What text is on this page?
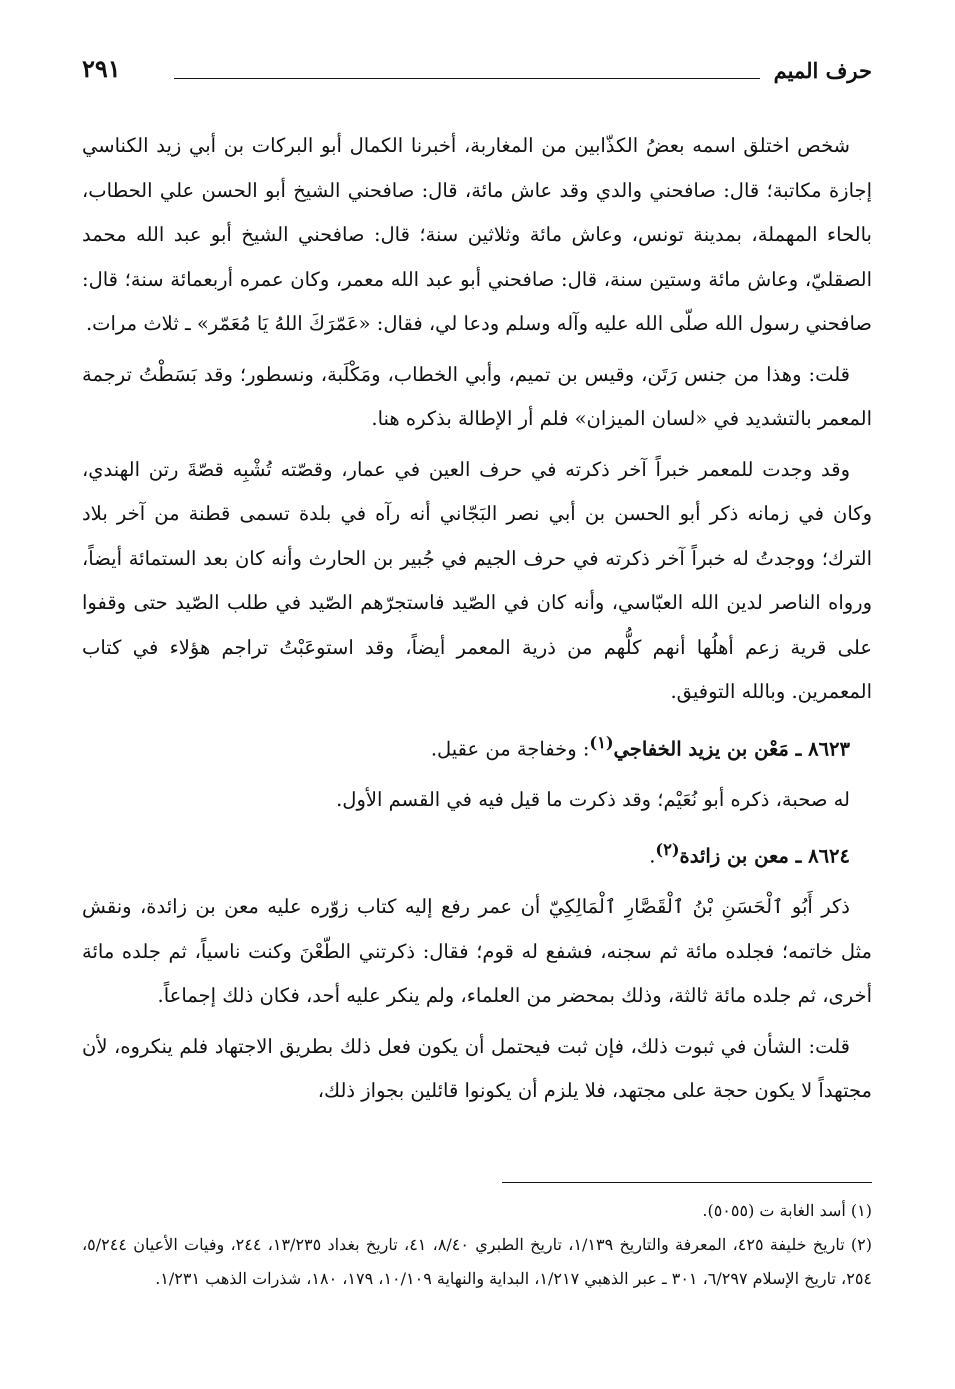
حرف الميم
٢٩١

شخص اختلق اسمه بعضُ الكذّابين من المغاربة، أخبرنا الكمال أبو البركات بن أبي زيد الكناسي إجازة مكاتبة؛ قال: صافحني والدي وقد عاش مائة، قال: صافحني الشيخ أبو الحسن علي الحطاب، بالحاء المهملة، بمدينة تونس، وعاش مائة وثلاثين سنة؛ قال: صافحني الشيخ أبو عبد الله محمد الصقليّ، وعاش مائة وستين سنة، قال: صافحني أبو عبد الله معمر، وكان عمره أربعمائة سنة؛ قال: صافحني رسول الله صلّى الله عليه وآله وسلم ودعا لي، فقال: «عَمّرَكَ اللهُ يَا مُعَمّر» ـ ثلاث مرات.

قلت: وهذا من جنس رَتَن، وقيس بن تميم، وأبي الخطاب، ومَكْلَبة، ونسطور؛ وقد بَسَطْتُ ترجمة المعمر بالتشديد في «لسان الميزان» فلم أر الإطالة بذكره هنا.

وقد وجدت للمعمر خبراً آخر ذكرته في حرف العين في عمار، وقصّته تُشْبِه قصّةَ رتن الهندي، وكان في زمانه ذكر أبو الحسن بن أبي نصر البَجّاني أنه رآه في بلدة تسمى قطنة من آخر بلاد الترك؛ ووجدتُ له خبراً آخر ذكرته في حرف الجيم في جُبير بن الحارث وأنه كان بعد الستمائة أيضاً، ورواه الناصر لدين الله العبّاسي، وأنه كان في الصّيد فاستجرّهم الصّيد في طلب الصّيد حتى وقفوا على قرية زعم أهلُها أنهم كلُّهم من ذرية المعمر أيضاً، وقد استوعَبْتُ تراجم هؤلاء في كتاب المعمرين. وبالله التوفيق.

٨٦٢٣ ـ مَعْن بن يزيد الخفاجي$^{(١)}$: وخفاجة من عقيل.

له صحبة، ذكره أبو نُعَيْم؛ وقد ذكرت ما قيل فيه في القسم الأول.

٨٦٢٤ ـ معن بن زائدة$^{(٢)}$.

ذكر أَبُو ٱلْحَسَنِ بْنُ ٱلْقَصَّارِ ٱلْمَالِكِيّ أن عمر رفع إليه كتاب زوّره عليه معن بن زائدة، ونقش مثل خاتمه؛ فجلده مائة ثم سجنه، فشفع له قوم؛ فقال: ذكرتني الطّعْنَ وكنت ناسياً، ثم جلده مائة أخرى، ثم جلده مائة ثالثة، وذلك بمحضر من العلماء، ولم ينكر عليه أحد، فكان ذلك إجماعاً.

قلت: الشأن في ثبوت ذلك، فإن ثبت فيحتمل أن يكون فعل ذلك بطريق الاجتهاد فلم ينكروه، لأن مجتهداً لا يكون حجة على مجتهد، فلا يلزم أن يكونوا قائلين بجواز ذلك،

(١) أسد الغابة ت (٥٠٥٥).

(٢) تاريخ خليفة ٤٢٥، المعرفة والتاريخ ١/١٣٩، تاريخ الطبري ٨/٤٠، ٤١، تاريخ بغداد ١٣/٢٣٥، ٢٤٤، وفيات الأعيان ٥/٢٤٤، ٢٥٤، تاريخ الإسلام ٦/٢٩٧، ٣٠١ ـ عبر الذهبي ١/٢١٧، البداية والنهاية ١٠/١٠٩، ١٧٩، ١٨٠، شذرات الذهب ١/٢٣١.
